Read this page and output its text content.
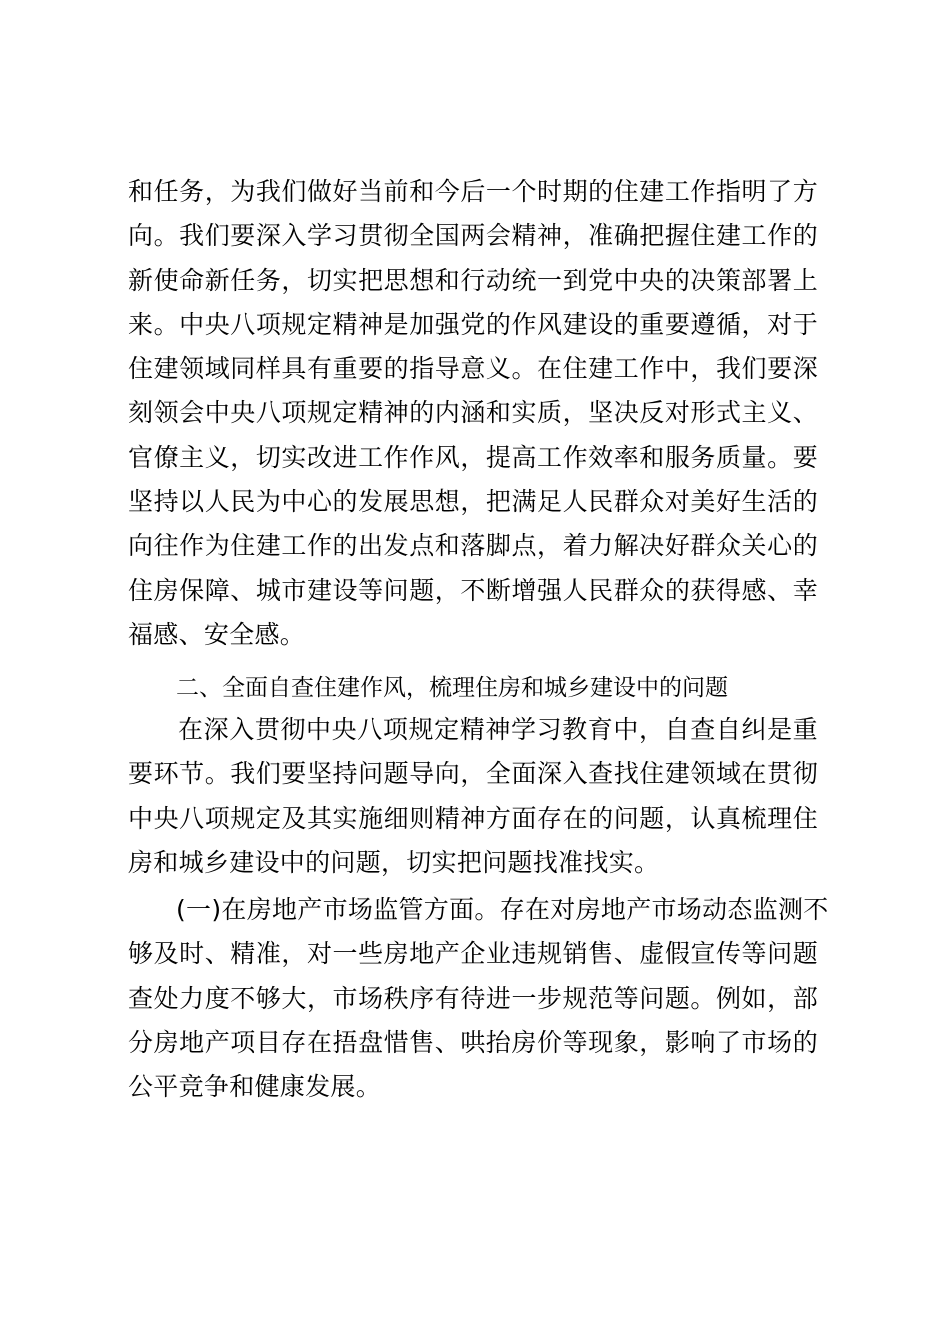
和任务，为我们做好当前和今后一个时期的住建工作指明了方
向。我们要深入学习贯彻全国两会精神，准确把握住建工作的
新使命新任务，切实把思想和行动统一到党中央的决策部署上
来。中央八项规定精神是加强党的作风建设的重要遵循，对于
住建领域同样具有重要的指导意义。在住建工作中，我们要深
刻领会中央八项规定精神的内涵和实质，坚决反对形式主义、
官僚主义，切实改进工作作风，提高工作效率和服务质量。要
坚持以人民为中心的发展思想，把满足人民群众对美好生活的
向往作为住建工作的出发点和落脚点，着力解决好群众关心的
住房保障、城市建设等问题，不断增强人民群众的获得感、幸
福感、安全感。
二、全面自查住建作风，梳理住房和城乡建设中的问题
在深入贯彻中央八项规定精神学习教育中，自查自纠是重
要环节。我们要坚持问题导向，全面深入查找住建领域在贯彻
中央八项规定及其实施细则精神方面存在的问题，认真梳理住
房和城乡建设中的问题，切实把问题找准找实。
(一)在房地产市场监管方面。存在对房地产市场动态监测不
够及时、精准，对一些房地产企业违规销售、虚假宣传等问题
查处力度不够大，市场秩序有待进一步规范等问题。例如，部
分房地产项目存在捂盘惜售、哄抬房价等现象，影响了市场的
公平竞争和健康发展。
